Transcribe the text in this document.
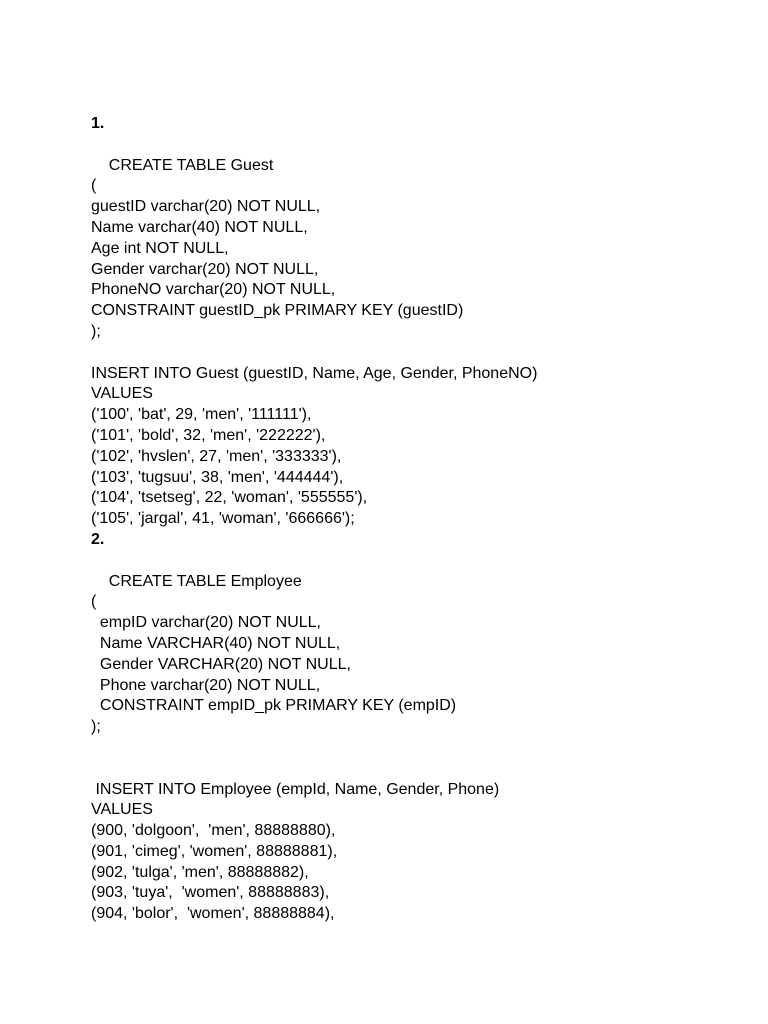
1.
CREATE TABLE Guest
(
guestID varchar(20) NOT NULL,
Name varchar(40) NOT NULL,
Age int NOT NULL,
Gender varchar(20) NOT NULL,
PhoneNO varchar(20) NOT NULL,
CONSTRAINT guestID_pk PRIMARY KEY (guestID)
);
INSERT INTO Guest (guestID, Name, Age, Gender, PhoneNO)
VALUES
('100', 'bat', 29, 'men', '111111'),
('101', 'bold', 32, 'men', '222222'),
('102', 'hvslen', 27, 'men', '333333'),
('103', 'tugsuu', 38, 'men', '444444'),
('104', 'tsetseg', 22, 'woman', '555555'),
('105', 'jargal', 41, 'woman', '666666');
2.
CREATE TABLE Employee
(
empID varchar(20) NOT NULL,
Name VARCHAR(40) NOT NULL,
Gender VARCHAR(20) NOT NULL,
Phone varchar(20) NOT NULL,
CONSTRAINT empID_pk PRIMARY KEY (empID)
);
INSERT INTO Employee (empId, Name, Gender, Phone)
VALUES
(900, 'dolgoon',  'men', 88888880),
(901, 'cimeg', 'women', 88888881),
(902, 'tulga', 'men', 88888882),
(903, 'tuya',  'women', 88888883),
(904, 'bolor',  'women', 88888884),
